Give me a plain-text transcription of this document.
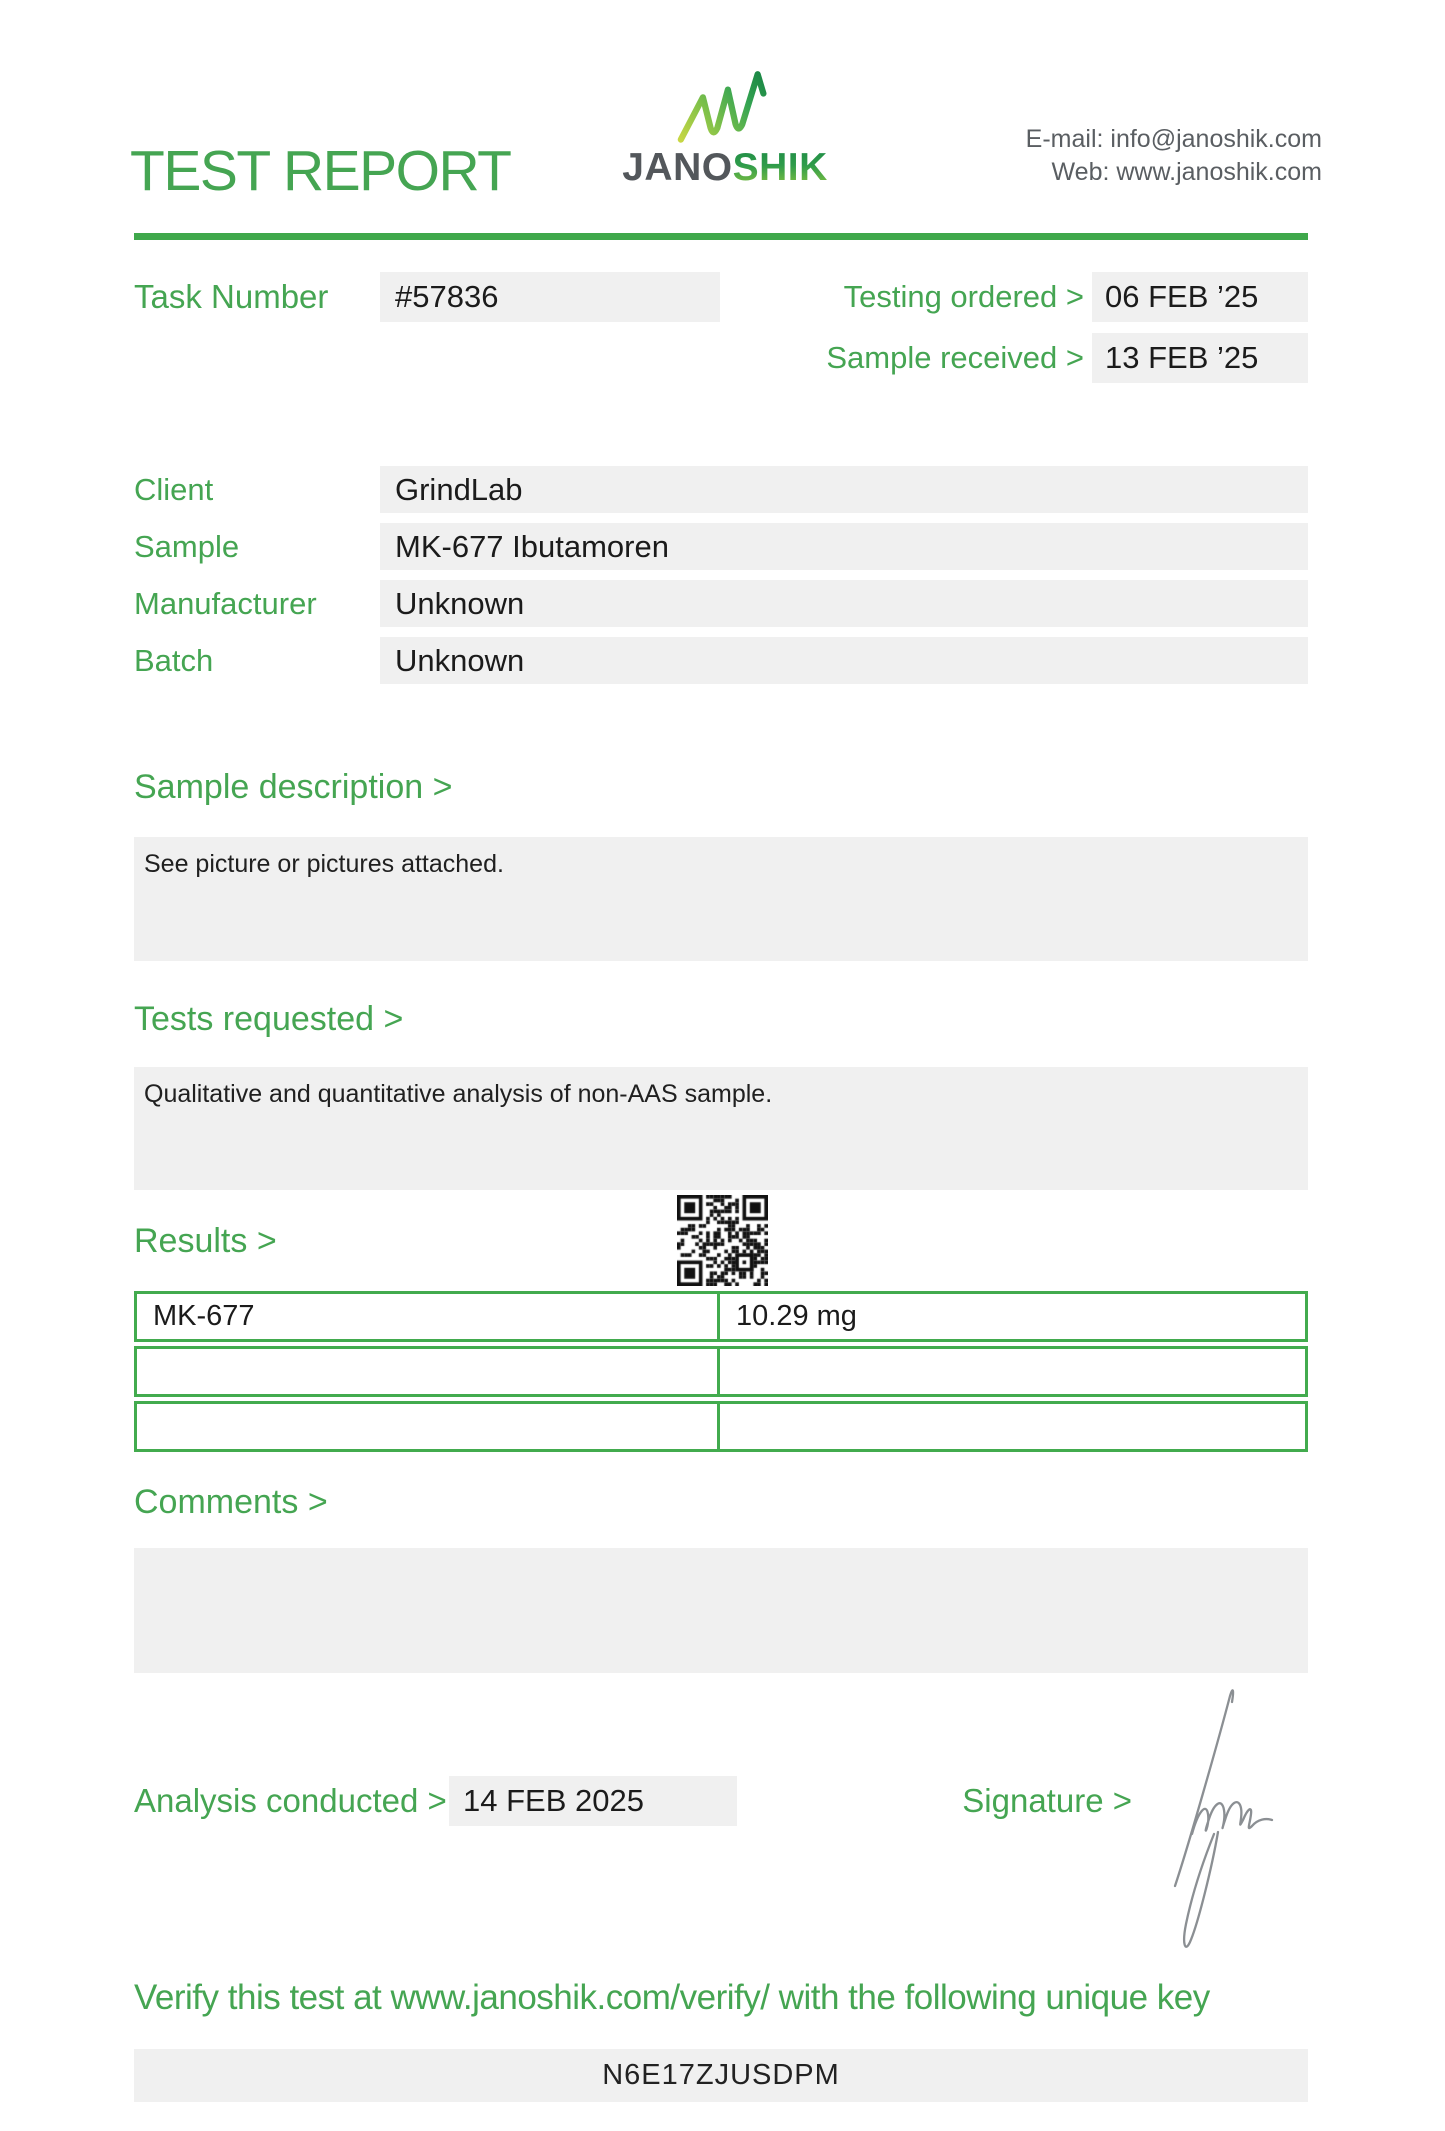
TEST REPORT	JANOSHIK
E-mail: info@janoshik.com
Web: www.janoshik.com
Task Number	#57836	Testing ordered > 06 FEB ’25
Sample received > 13 FEB ’25
Client	GrindLab
Sample	MK-677 Ibutamoren
Manufacturer	Unknown
Batch	Unknown
Sample description >
See picture or pictures attached.
Tests requested >
Qualitative and quantitative analysis of non-AAS sample.
Results >
MK-677	10.29 mg
Comments >
Analysis conducted > 14 FEB 2025	Signature >
Verify this test at www.janoshik.com/verify/ with the following unique key
N6E17ZJUSDPM
